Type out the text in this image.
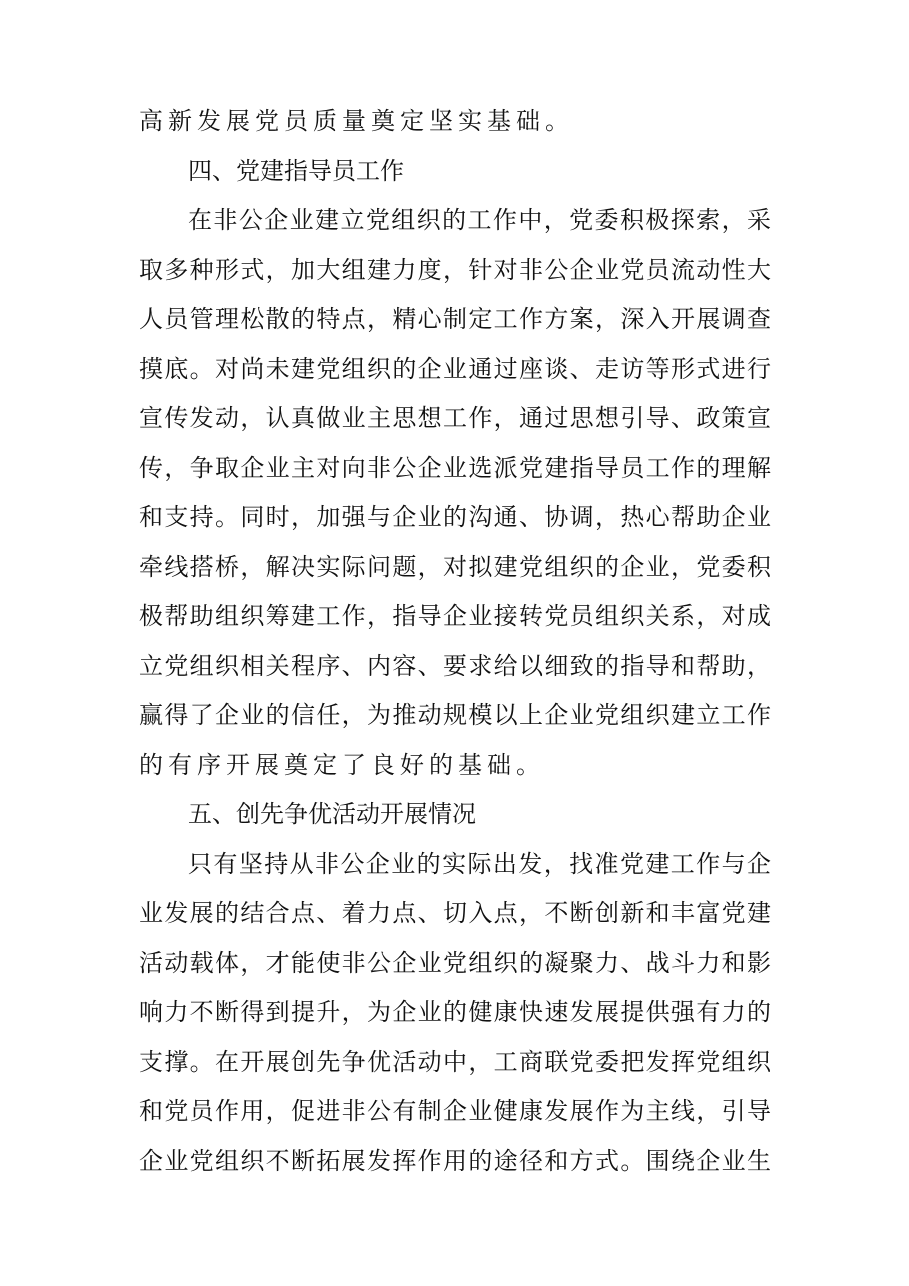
高新发展党员质量奠定坚实基础。
四、党建指导员工作
在非公企业建立党组织的工作中，党委积极探索，采
取多种形式，加大组建力度，针对非公企业党员流动性大
人员管理松散的特点，精心制定工作方案，深入开展调查
摸底。对尚未建党组织的企业通过座谈、走访等形式进行
宣传发动，认真做业主思想工作，通过思想引导、政策宣
传，争取企业主对向非公企业选派党建指导员工作的理解
和支持。同时，加强与企业的沟通、协调，热心帮助企业
牵线搭桥，解决实际问题，对拟建党组织的企业，党委积
极帮助组织筹建工作，指导企业接转党员组织关系，对成
立党组织相关程序、内容、要求给以细致的指导和帮助，
赢得了企业的信任，为推动规模以上企业党组织建立工作
的有序开展奠定了良好的基础。
五、创先争优活动开展情况
只有坚持从非公企业的实际出发，找准党建工作与企
业发展的结合点、着力点、切入点，不断创新和丰富党建
活动载体，才能使非公企业党组织的凝聚力、战斗力和影
响力不断得到提升，为企业的健康快速发展提供强有力的
支撑。在开展创先争优活动中，工商联党委把发挥党组织
和党员作用，促进非公有制企业健康发展作为主线，引导
企业党组织不断拓展发挥作用的途径和方式。围绕企业生
